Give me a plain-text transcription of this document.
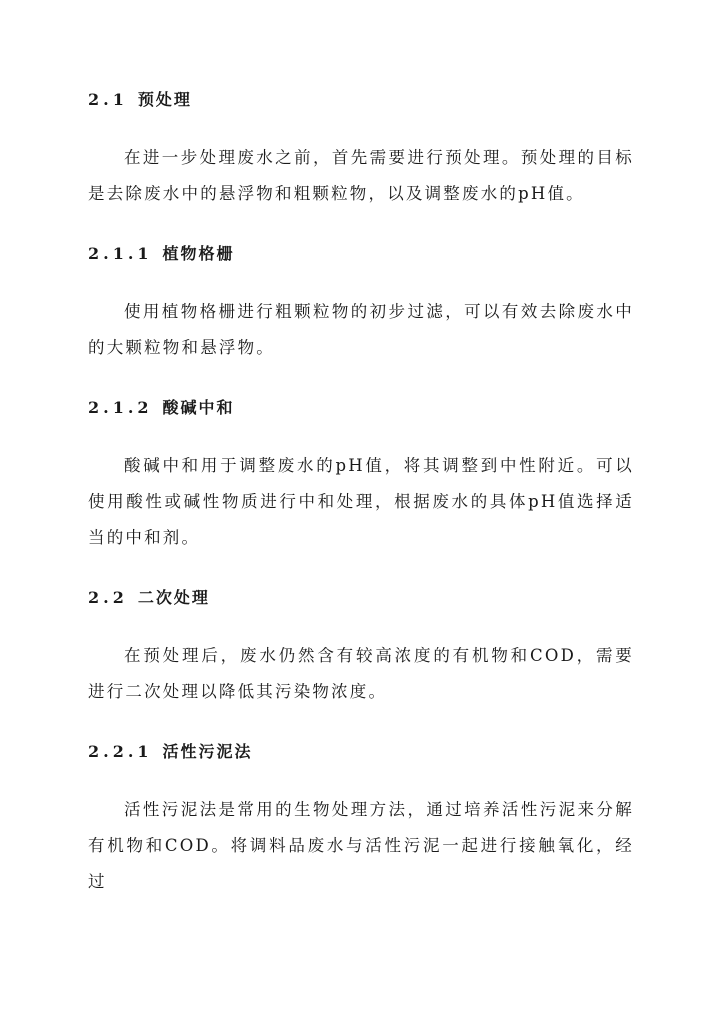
2.1 预处理

在进一步处理废水之前，首先需要进行预处理。预处理的目标是去除废水中的悬浮物和粗颗粒物，以及调整废水的pH值。

2.1.1 植物格栅

使用植物格栅进行粗颗粒物的初步过滤，可以有效去除废水中的大颗粒物和悬浮物。

2.1.2 酸碱中和

酸碱中和用于调整废水的pH值，将其调整到中性附近。可以使用酸性或碱性物质进行中和处理，根据废水的具体pH值选择适当的中和剂。

2.2 二次处理

在预处理后，废水仍然含有较高浓度的有机物和COD，需要进行二次处理以降低其污染物浓度。

2.2.1 活性污泥法

活性污泥法是常用的生物处理方法，通过培养活性污泥来分解有机物和COD。将调料品废水与活性污泥一起进行接触氧化，经过
